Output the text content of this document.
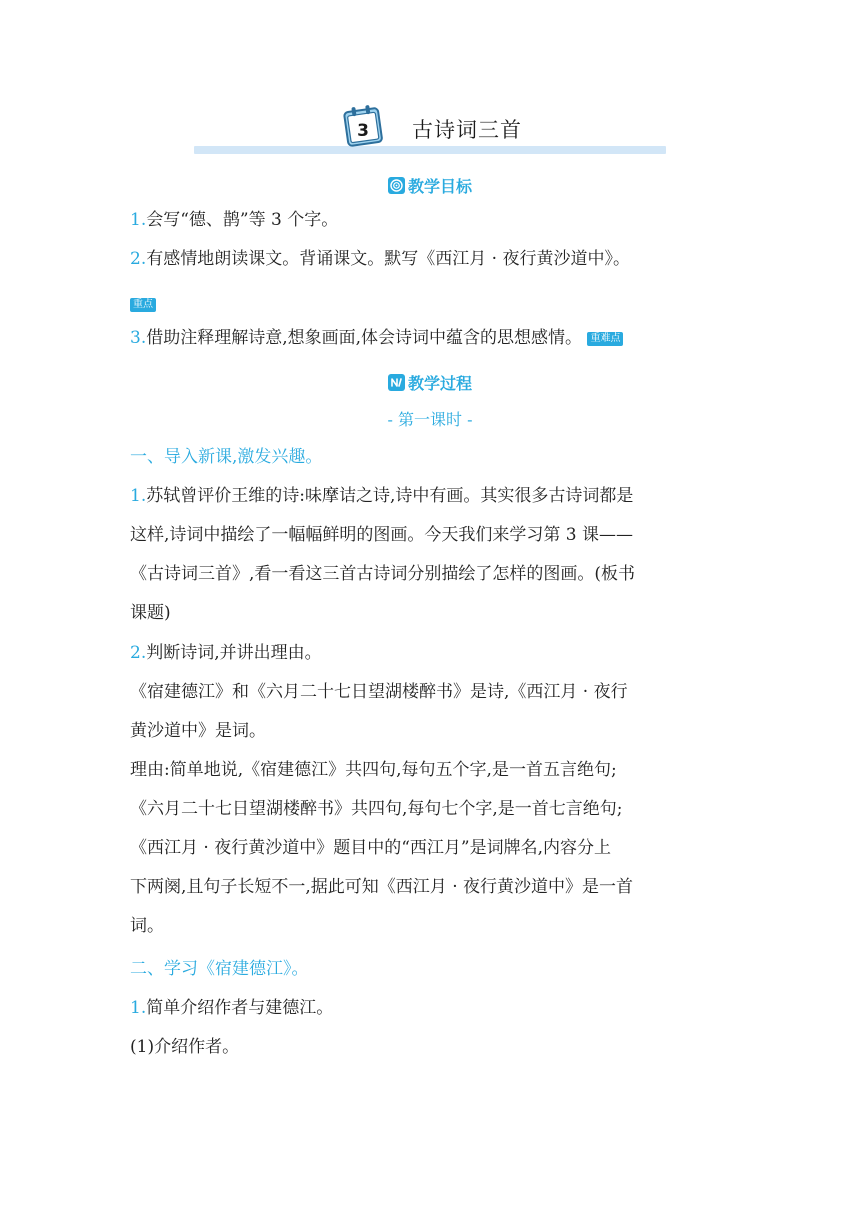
3 古诗词三首
教学目标
1.会写“德、鹊”等 3 个字。
2.有感情地朗读课文。背诵课文。默写《西江月 · 夜行黄沙道中》。
重点
3.借助注释理解诗意,想象画面,体会诗词中蕴含的思想感情。 重难点
教学过程
- 第一课时 -
一、导入新课,激发兴趣。
1.苏轼曾评价王维的诗:味摩诘之诗,诗中有画。其实很多古诗词都是
这样,诗词中描绘了一幅幅鲜明的图画。今天我们来学习第 3 课——
《古诗词三首》,看一看这三首古诗词分别描绘了怎样的图画。(板书
课题)
2.判断诗词,并讲出理由。
《宿建德江》和《六月二十七日望湖楼醉书》是诗,《西江月 · 夜行
黄沙道中》是词。
理由:简单地说,《宿建德江》共四句,每句五个字,是一首五言绝句;
《六月二十七日望湖楼醉书》共四句,每句七个字,是一首七言绝句;
《西江月 · 夜行黄沙道中》题目中的“西江月”是词牌名,内容分上
下两阕,且句子长短不一,据此可知《西江月 · 夜行黄沙道中》是一首
词。
二、学习《宿建德江》。
1.简单介绍作者与建德江。
(1)介绍作者。
